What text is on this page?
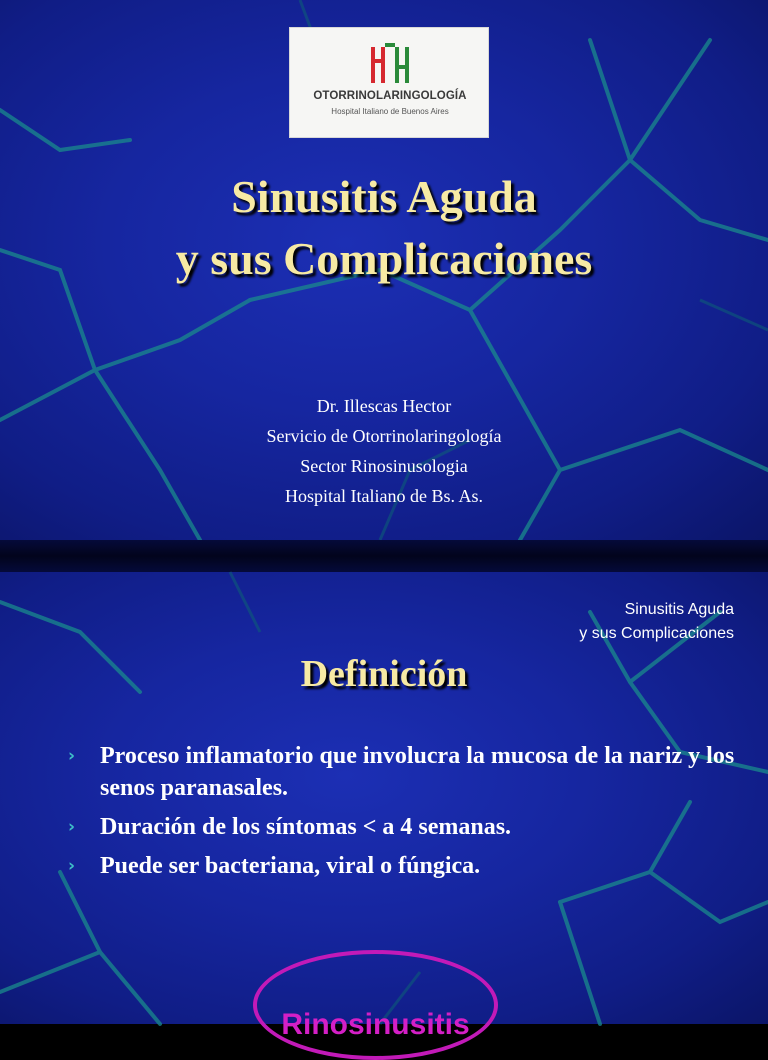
OTORRINOLARINGOLOGÍA
Hospital Italiano de Buenos Aires
Sinusitis Aguda
y sus Complicaciones
Dr. Illescas Hector
Servicio de Otorrinolaringología
Sector Rinosinusologia
Hospital Italiano de Bs. As.
Sinusitis Aguda
y sus Complicaciones
Definición
› Proceso inflamatorio que involucra la mucosa de la nariz y los senos paranasales.
› Duración de los síntomas < a 4 semanas.
› Puede ser bacteriana, viral o fúngica.
Rinosinusitis
